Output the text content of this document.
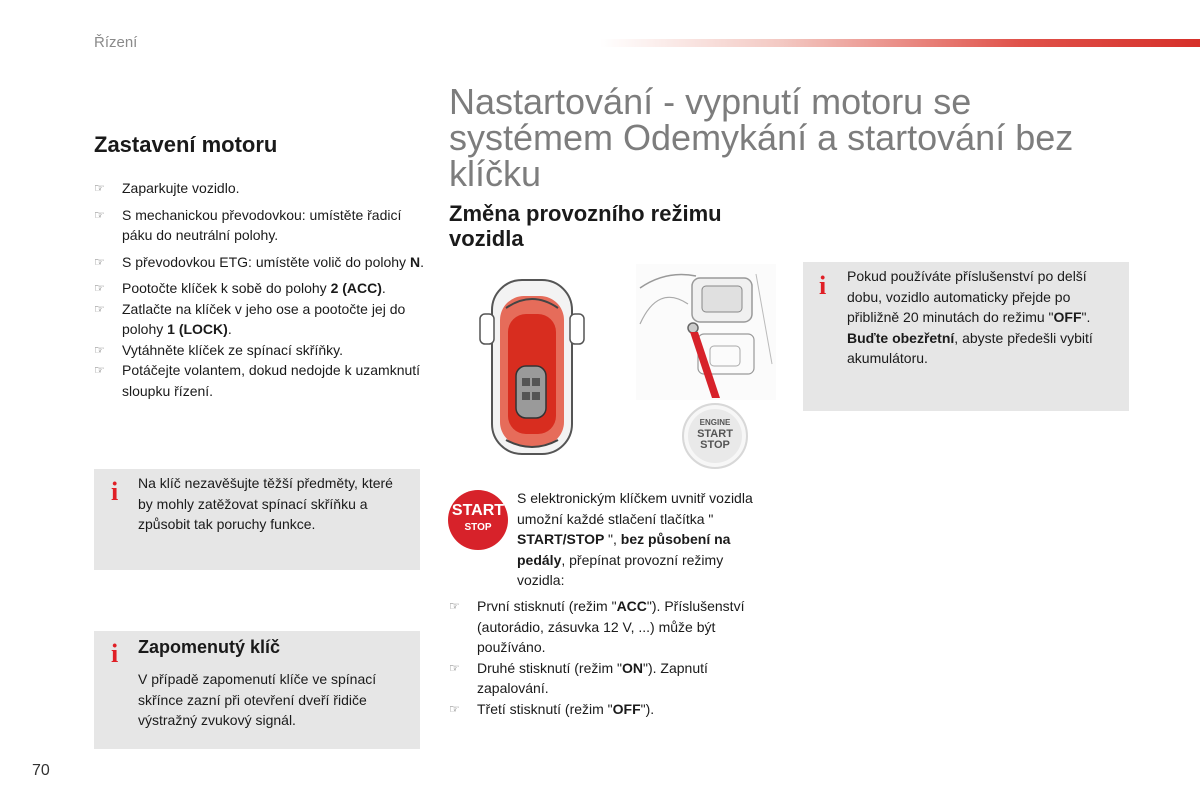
Řízení
Zastavení motoru
☞ Zaparkujte vozidlo.
☞ S mechanickou převodovkou: umístěte řadicí páku do neutrální polohy.
☞ S převodovkou ETG: umístěte volič do polohy N.
☞ Pootočte klíček k sobě do polohy 2 (ACC).
☞ Zatlačte na klíček v jeho ose a pootočte jej do polohy 1 (LOCK).
☞ Vytáhněte klíček ze spínací skříňky.
☞ Potáčejte volantem, dokud nedojde k uzamknutí sloupku řízení.
i Na klíč nezavěšujte těžší předměty, které by mohly zatěžovat spínací skříňku a způsobit tak poruchy funkce.
i Zapomenutý klíč
V případě zapomenutí klíče ve spínací skřínce zazní při otevření dveří řidiče výstražný zvukový signál.
Nastartování - vypnutí motoru se systémem Odemykání a startování bez klíčku
Změna provozního režimu vozidla
ENGINE
START
STOP
START
STOP
S elektronickým klíčkem uvnitř vozidla umožní každé stlačení tlačítka " START/STOP ", bez působení na pedály, přepínat provozní režimy vozidla:
☞ První stisknutí (režim "ACC"). Příslušenství (autorádio, zásuvka 12 V, ...) může být používáno.
☞ Druhé stisknutí (režim "ON"). Zapnutí zapalování.
☞ Třetí stisknutí (režim "OFF").
i Pokud používáte příslušenství po delší dobu, vozidlo automaticky přejde po přibližně 20 minutách do režimu "OFF". Buďte obezřetní, abyste předešli vybití akumulátoru.
70
